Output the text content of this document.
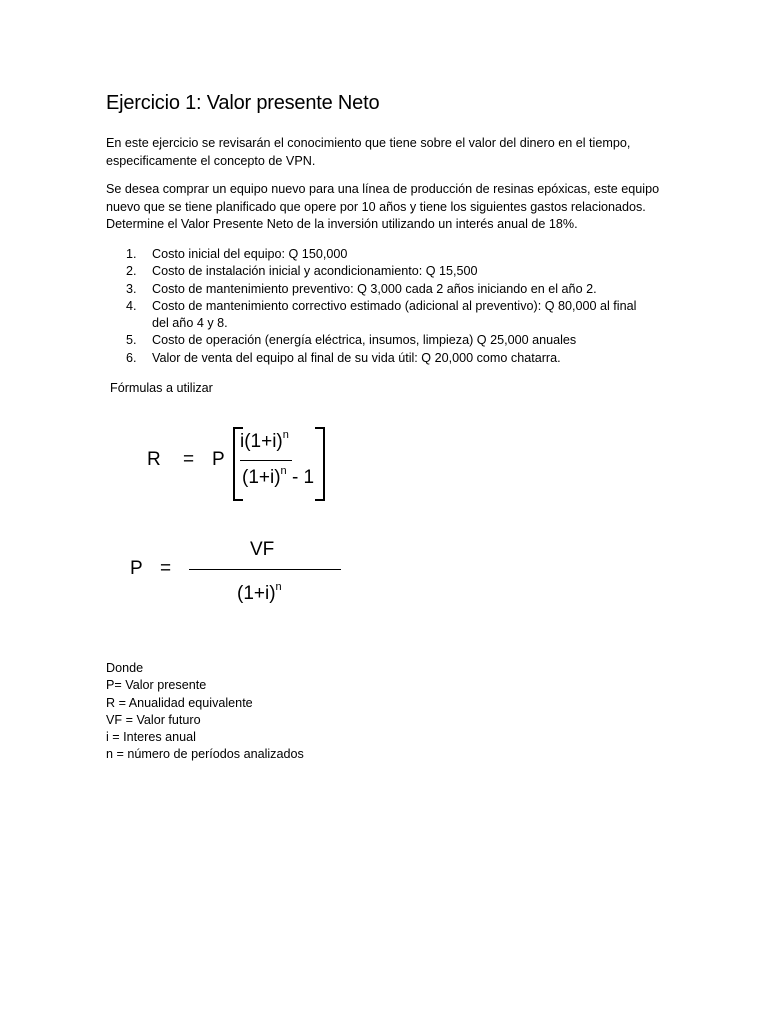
Ejercicio 1: Valor presente Neto

En este ejercicio se revisarán el conocimiento que tiene sobre el valor del dinero en el tiempo,
especificamente el concepto de VPN.

Se desea comprar un equipo nuevo para una línea de producción de resinas epóxicas, este equipo
nuevo que se tiene planificado que opere por 10 años y tiene los siguientes gastos relacionados.
Determine el Valor Presente Neto de la inversión utilizando un interés anual de 18%.

1. Costo inicial del equipo: Q 150,000
2. Costo de instalación inicial y acondicionamiento: Q 15,500
3. Costo de mantenimiento preventivo: Q 3,000 cada 2 años iniciando en el año 2.
4. Costo de mantenimiento correctivo estimado (adicional al preventivo): Q 80,000 al final
del año 4 y 8.
5. Costo de operación (energía eléctrica, insumos, limpieza) Q 25,000 anuales
6. Valor de venta del equipo al final de su vida útil: Q 20,000 como chatarra.

Fórmulas a utilizar

R = P
$i(1+i)^n$
$(1+i)^n - 1$
P =
VF
$(1+i)^n$

Donde
P= Valor presente
R = Anualidad equivalente
VF = Valor futuro
i = Interes anual
n = número de períodos analizados
